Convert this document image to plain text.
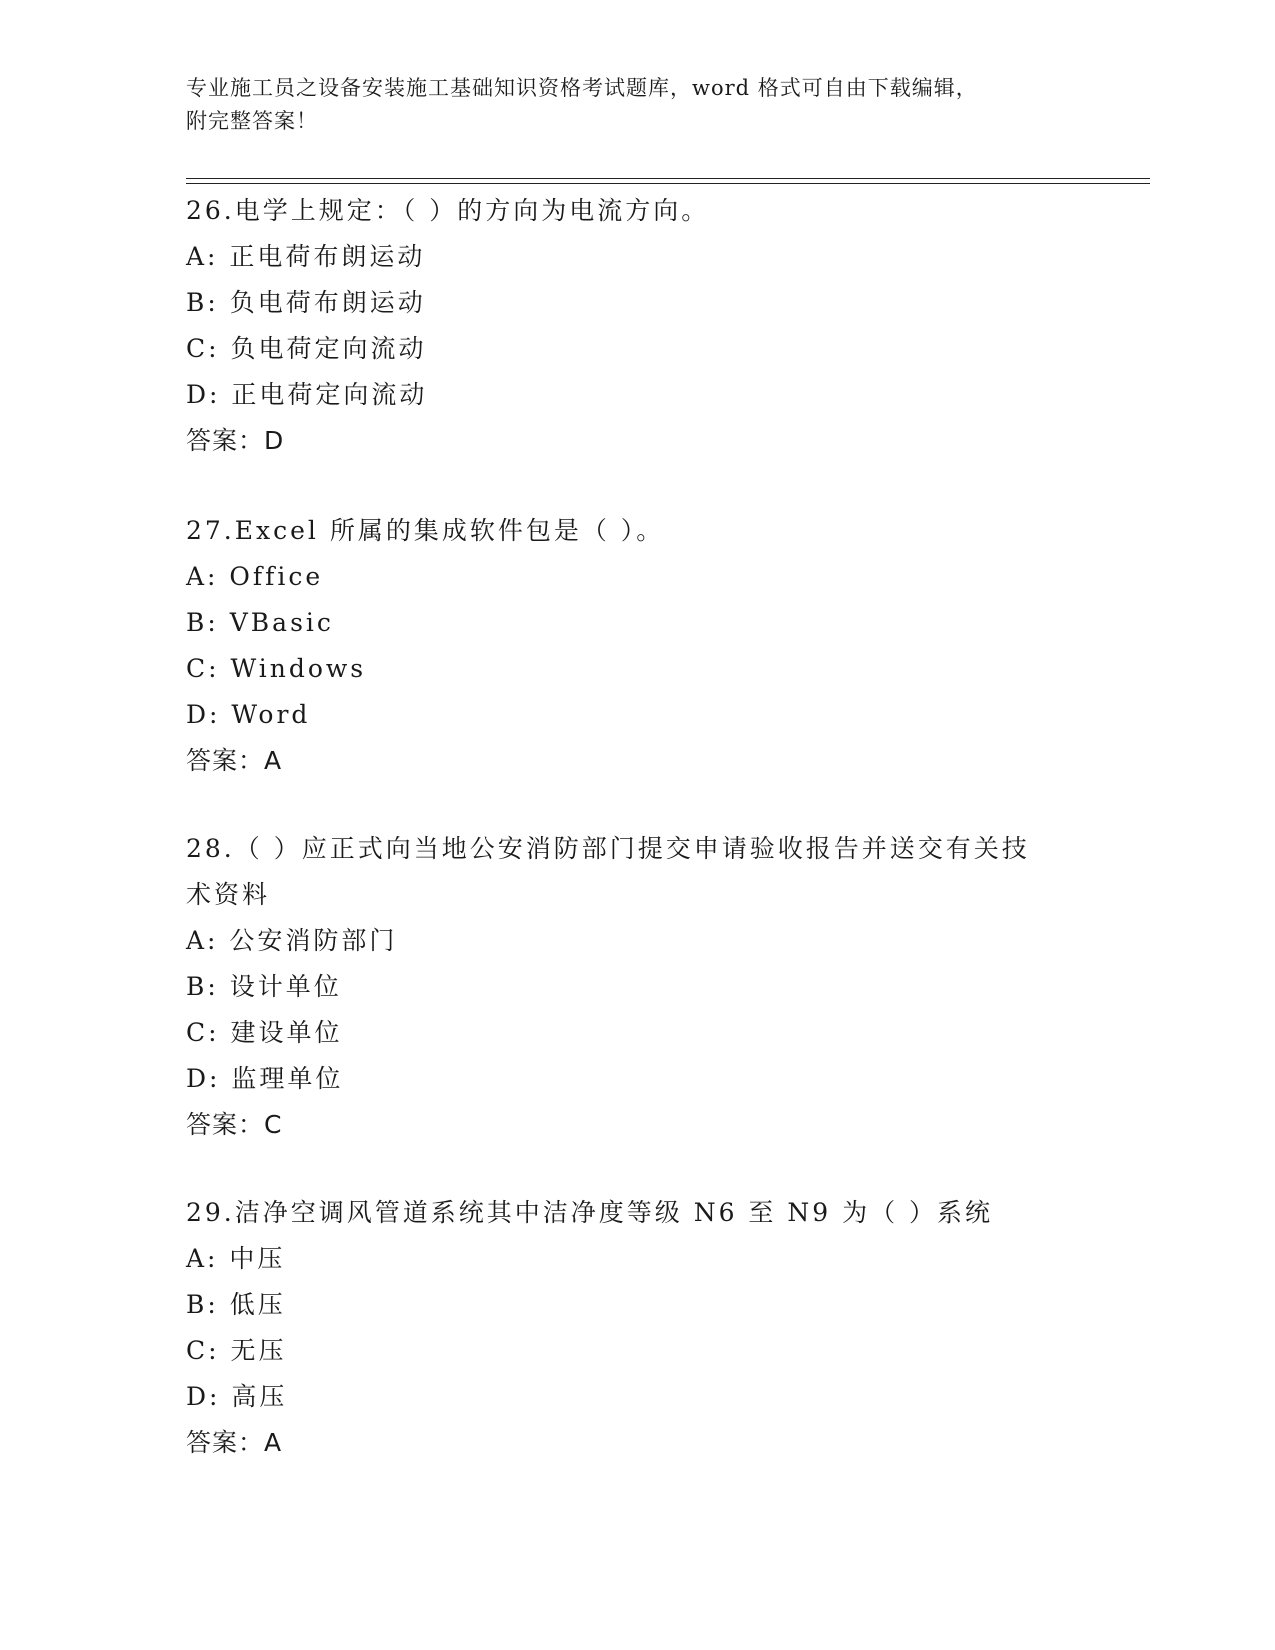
专业施工员之设备安装施工基础知识资格考试题库，word 格式可自由下载编辑，
附完整答案！
26.电学上规定：（ ）的方向为电流方向。
A: 正电荷布朗运动
B: 负电荷布朗运动
C: 负电荷定向流动
D: 正电荷定向流动
答案：D
27.Excel 所属的集成软件包是（ ）。
A: Office
B: VBasic
C: Windows
D: Word
答案：A
28.（ ）应正式向当地公安消防部门提交申请验收报告并送交有关技
术资料
A: 公安消防部门
B: 设计单位
C: 建设单位
D: 监理单位
答案：C
29.洁净空调风管道系统其中洁净度等级 N6 至 N9 为（ ）系统
A: 中压
B: 低压
C: 无压
D: 高压
答案：A
